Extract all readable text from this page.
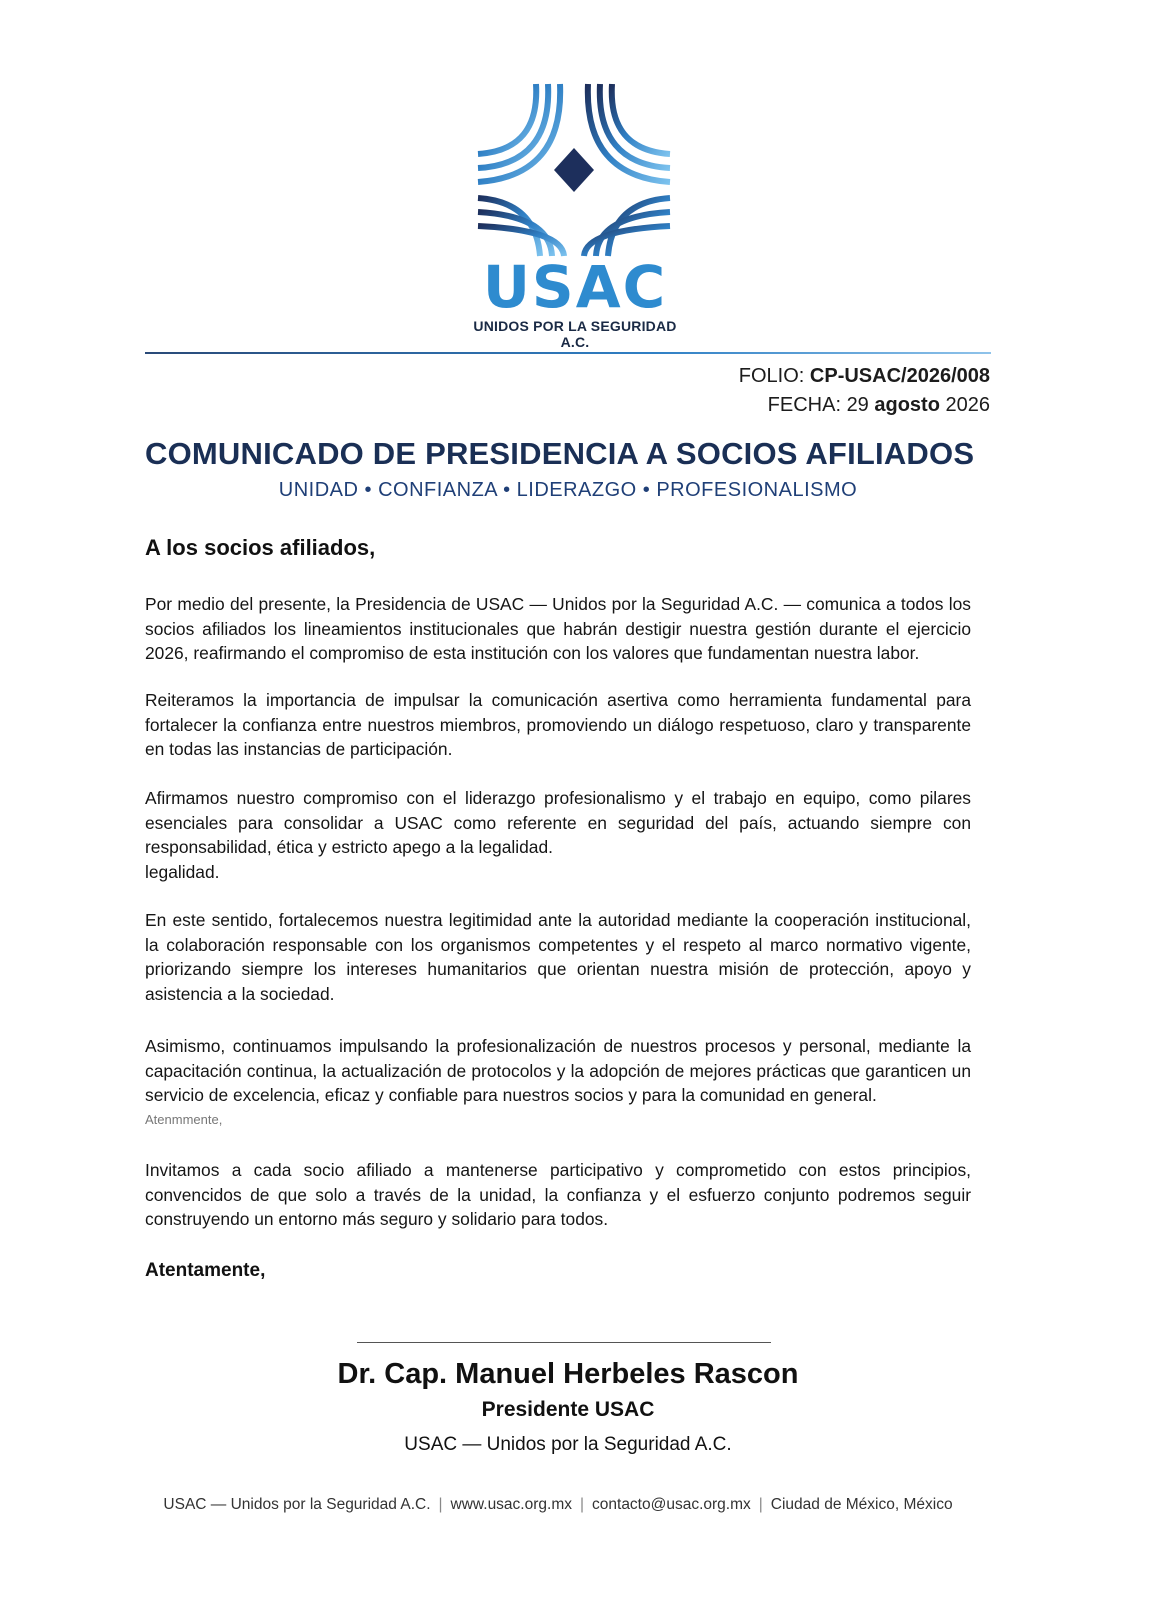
USAC
UNIDOS POR LA SEGURIDAD A.C.
FOLIO: CP-USAC/2026/008
FECHA: 29 agosto 2026
COMUNICADO DE PRESIDENCIA A SOCIOS AFILIADOS
UNIDAD • CONFIANZA • LIDERAZGO • PROFESIONALISMO
A los socios afiliados,
Por medio del presente, la Presidencia de USAC — Unidos por la Seguridad A.C. — comunica a todos los socios afiliados los lineamientos institucionales que habrán destigir nuestra gestión durante el ejercicio 2026, reafirmando el compromiso de esta institución con los valores que fundamentan nuestra labor.
Reiteramos la importancia de impulsar la comunicación asertiva como herramienta fundamental para fortalecer la confianza entre nuestros miembros, promoviendo un diálogo respetuoso, claro y transparente en todas las instancias de participación.
Afirmamos nuestro compromiso con el liderazgo profesionalismo y el trabajo en equipo, como pilares esenciales para consolidar a USAC como referente en seguridad del país, actuando siempre con responsabilidad, ética y estricto apego a la legalidad.
legalidad.
En este sentido, fortalecemos nuestra legitimidad ante la autoridad mediante la cooperación institucional, la colaboración responsable con los organismos competentes y el respeto al marco normativo vigente, priorizando siempre los intereses humanitarios que orientan nuestra misión de protección, apoyo y asistencia a la sociedad.
Asimismo, continuamos impulsando la profesionalización de nuestros procesos y personal, mediante la capacitación continua, la actualización de protocolos y la adopción de mejores prácticas que garanticen un servicio de excelencia, eficaz y confiable para nuestros socios y para la comunidad en general.
Atenmmente,
Invitamos a cada socio afiliado a mantenerse participativo y comprometido con estos principios, convencidos de que solo a través de la unidad, la confianza y el esfuerzo conjunto podremos seguir construyendo un entorno más seguro y solidario para todos.
Atentamente,
Dr. Cap. Manuel Herbeles Rascon
Presidente USAC
USAC — Unidos por la Seguridad A.C.
USAC — Unidos por la Seguridad A.C. | www.usac.org.mx | contacto@usac.org.mx | Ciudad de México, México
